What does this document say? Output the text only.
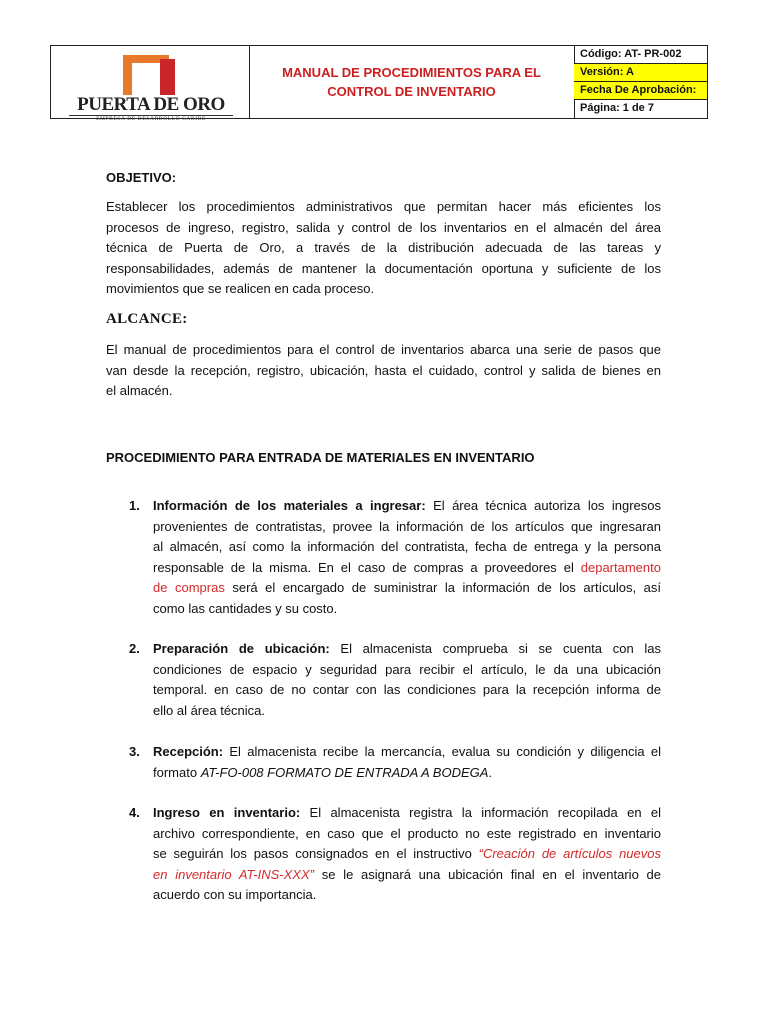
PUERTA DE ORO
EMPRESA DE DESARROLLO CARIBE
MANUAL DE PROCEDIMIENTOS PARA EL
CONTROL DE INVENTARIO
Código: AT- PR-002
Versión: A
Fecha De Aprobación:
Página: 1 de 7
OBJETIVO:
Establecer los procedimientos administrativos que permitan hacer más eficientes los
procesos de ingreso, registro, salida y control de los inventarios en el almacén del área
técnica de Puerta de Oro, a través de la distribución adecuada de las tareas y
responsabilidades, además de mantener la documentación oportuna y suficiente de los
movimientos que se realicen en cada proceso.
ALCANCE:
El manual de procedimientos para el control de inventarios abarca una serie de pasos que
van desde la recepción, registro, ubicación, hasta el cuidado, control y salida de bienes en
el almacén.
PROCEDIMIENTO PARA ENTRADA DE MATERIALES EN INVENTARIO
1. Información de los materiales a ingresar: El área técnica autoriza los ingresos
provenientes de contratistas, provee la información de los artículos que ingresaran
al almacén, así como la información del contratista, fecha de entrega y la persona
responsable de la misma. En el caso de compras a proveedores el departamento
de compras será el encargado de suministrar la información de los artículos, así
como las cantidades y su costo.
2. Preparación de ubicación: El almacenista comprueba si se cuenta con las
condiciones de espacio y seguridad para recibir el artículo, le da una ubicación
temporal. en caso de no contar con las condiciones para la recepción informa de
ello al área técnica.
3. Recepción: El almacenista recibe la mercancía, evalua su condición y diligencia el
formato AT-FO-008 FORMATO DE ENTRADA A BODEGA.
4. Ingreso en inventario: El almacenista registra la información recopilada en el
archivo correspondiente, en caso que el producto no este registrado en inventario
se seguirán los pasos consignados en el instructivo “Creación de artículos nuevos
en inventario AT-INS-XXX” se le asignará una ubicación final en el inventario de
acuerdo con su importancia.
